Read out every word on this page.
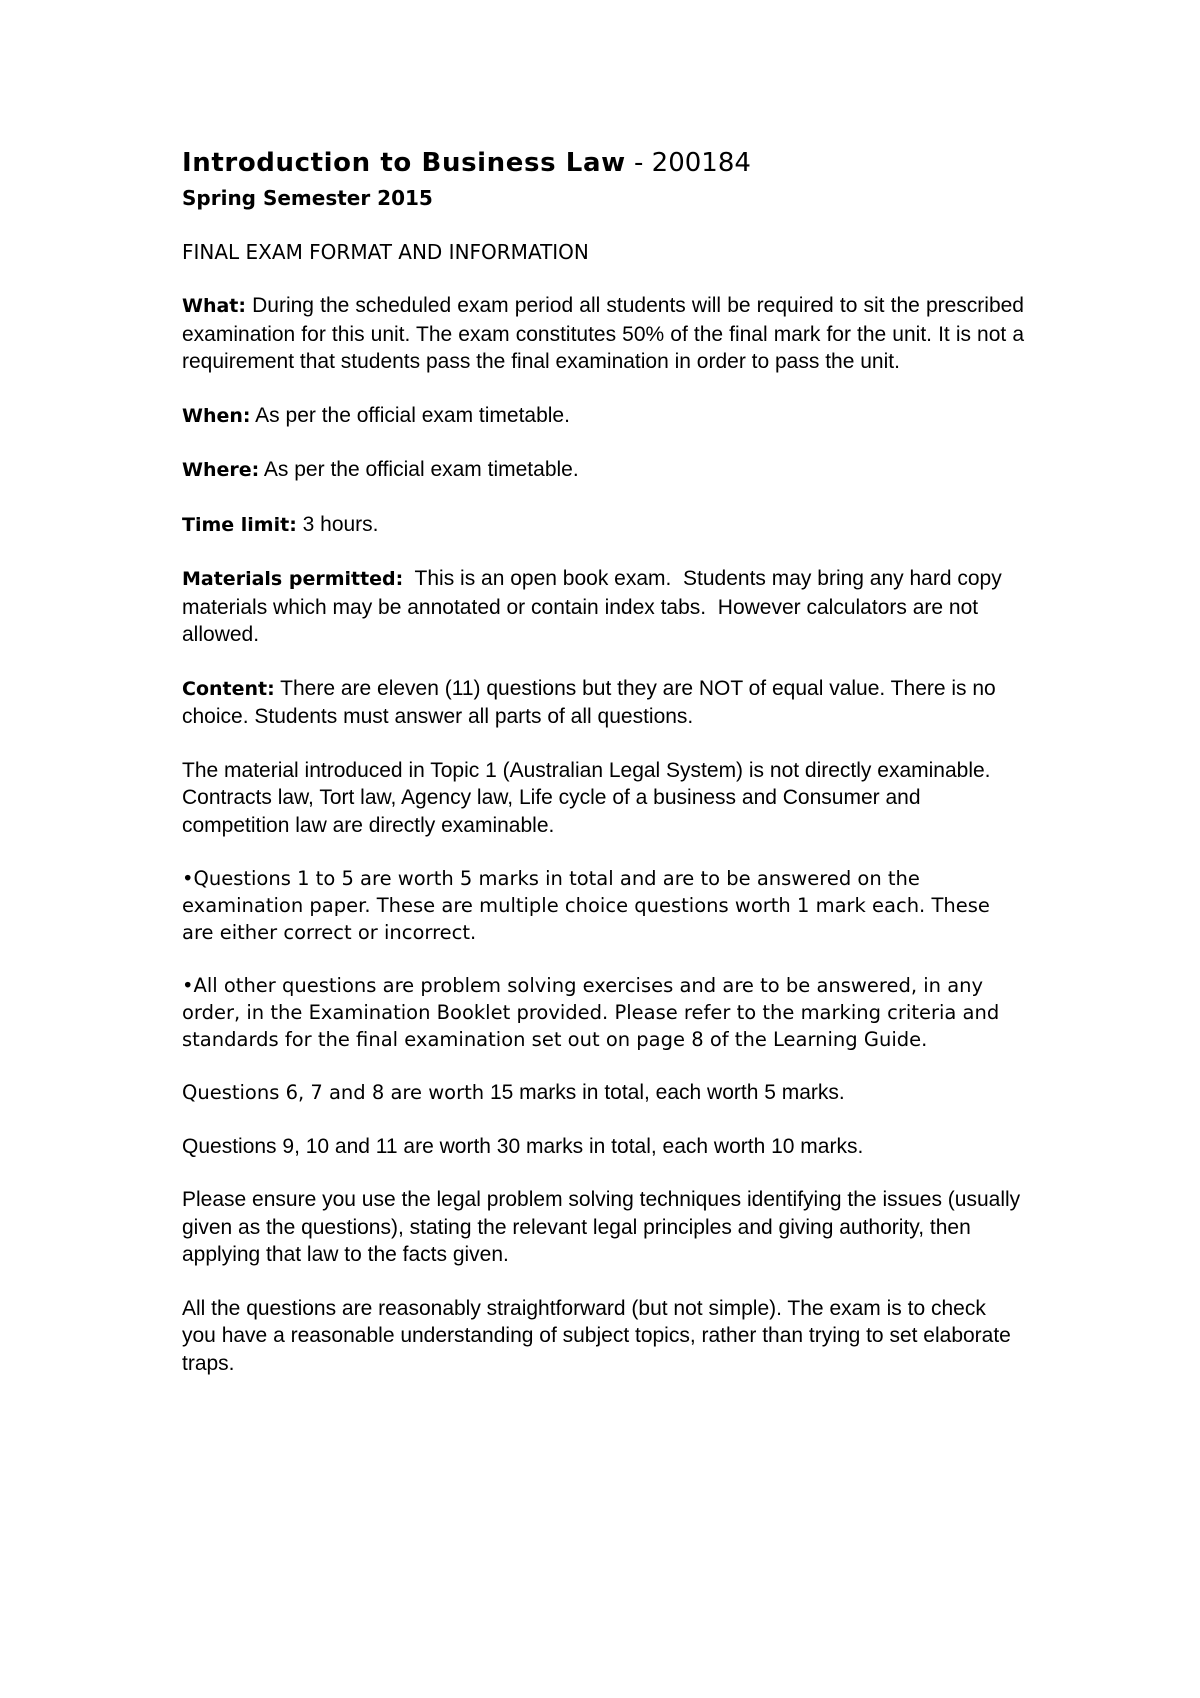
Introduction to Business Law - 200184
Spring Semester 2015
FINAL EXAM FORMAT AND INFORMATION

What: During the scheduled exam period all students will be required to sit the prescribed examination for this unit. The exam constitutes 50% of the final mark for the unit. It is not a requirement that students pass the final examination in order to pass the unit.

When: As per the official exam timetable.

Where: As per the official exam timetable.

Time limit: 3 hours.

Materials permitted:  This is an open book exam.  Students may bring any hard copy materials which may be annotated or contain index tabs.  However calculators are not allowed.

Content: There are eleven (11) questions but they are NOT of equal value. There is no choice. Students must answer all parts of all questions.

The material introduced in Topic 1 (Australian Legal System) is not directly examinable. Contracts law, Tort law, Agency law, Life cycle of a business and Consumer and competition law are directly examinable.

•Questions 1 to 5 are worth 5 marks in total and are to be answered on the examination paper. These are multiple choice questions worth 1 mark each. These are either correct or incorrect.

•All other questions are problem solving exercises and are to be answered, in any order, in the Examination Booklet provided. Please refer to the marking criteria and standards for the final examination set out on page 8 of the Learning Guide.

Questions 6, 7 and 8 are worth 15 marks in total, each worth 5 marks.

Questions 9, 10 and 11 are worth 30 marks in total, each worth 10 marks.

Please ensure you use the legal problem solving techniques identifying the issues (usually given as the questions), stating the relevant legal principles and giving authority, then applying that law to the facts given.

All the questions are reasonably straightforward (but not simple). The exam is to check you have a reasonable understanding of subject topics, rather than trying to set elaborate traps.
